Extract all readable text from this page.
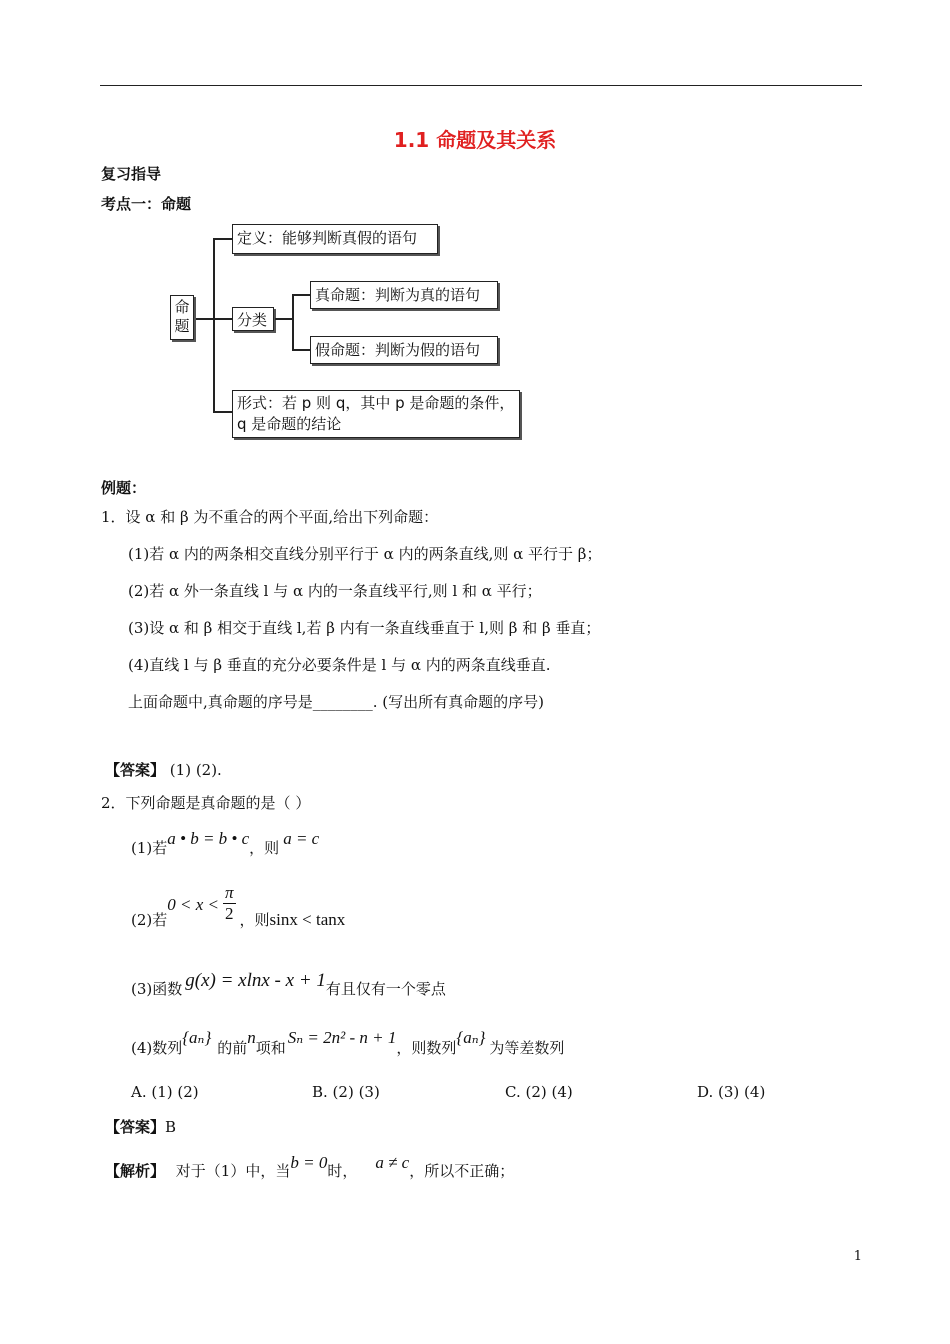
1.1 命题及其关系
复习指导
考点一：命题
命
题
定义：能够判断真假的语句
分类
真命题：判断为真的语句
假命题：判断为假的语句
形式：若 p 则 q，其中 p 是命题的条件，
q 是命题的结论
例题：
1．设 α 和 β 为不重合的两个平面,给出下列命题：
(1)若 α 内的两条相交直线分别平行于 α 内的两条直线,则 α 平行于 β；
(2)若 α 外一条直线 l 与 α 内的一条直线平行,则 l 和 α 平行；
(3)设 α 和 β 相交于直线 l,若 β 内有一条直线垂直于 l,则 β 和 β 垂直；
(4)直线 l 与 β 垂直的充分必要条件是 l 与 α 内的两条直线垂直.
上面命题中,真命题的序号是________. (写出所有真命题的序号)
【答案】 (1) (2).
2．下列命题是真命题的是（ ）
(1)若a • b = b • c，则 a = c
(2)若$0 < x < \frac{\pi}{2}$ ，则sinx < tanx
(3)函数 g(x) = xlnx - x + 1有且仅有一个零点
(4)数列{aₙ}的前n项和Sₙ = 2n² - n + 1，则数列{aₙ}为等差数列
A. (1) (2)	B. (2) (3)	C. (2) (4)	D. (3) (4)
【答案】B
【解析】 对于（1）中，当b = 0时， a ≠ c，所以不正确；
1
